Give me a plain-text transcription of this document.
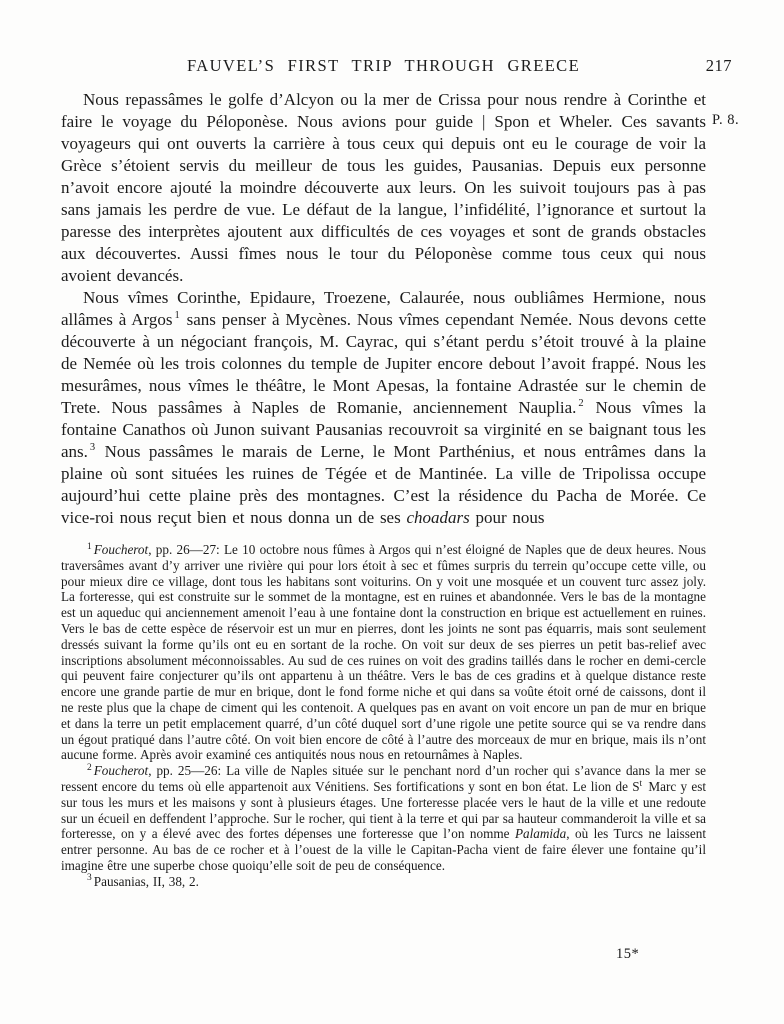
FAUVEL’S FIRST TRIP THROUGH GREECE	217
P. 8.

Nous repassâmes le golfe d’Alcyon ou la mer de Crissa pour nous rendre à Corinthe et faire le voyage du Péloponèse. Nous avions pour guide | Spon et Wheler. Ces savants voyageurs qui ont ouverts la carrière à tous ceux qui depuis ont eu le courage de voir la Grèce s’étoient servis du meilleur de tous les guides, Pausanias. Depuis eux personne n’avoit encore ajouté la moindre découverte aux leurs. On les suivoit toujours pas à pas sans jamais les perdre de vue. Le défaut de la langue, l’infidélité, l’ignorance et surtout la paresse des interprètes ajoutent aux difficultés de ces voyages et sont de grands obstacles aux découvertes. Aussi fîmes nous le tour du Péloponèse comme tous ceux qui nous avoient devancés.

Nous vîmes Corinthe, Epidaure, Troezene, Calaurée, nous oubliâmes Hermione, nous allâmes à Argos $^1$ sans penser à Mycènes. Nous vîmes cependant Nemée. Nous devons cette découverte à un négociant françois, M. Cayrac, qui s’étant perdu s’étoit trouvé à la plaine de Nemée où les trois colonnes du temple de Jupiter encore debout l’avoit frappé. Nous les mesurâmes, nous vîmes le théâtre, le Mont Apesas, la fontaine Adrastée sur le chemin de Trete. Nous passâmes à Naples de Romanie, anciennement Nauplia. $^2$ Nous vîmes la fontaine Canathos où Junon suivant Pausanias recouvroit sa virginité en se baignant tous les ans. $^3$ Nous passâmes le marais de Lerne, le Mont Parthénius, et nous entrâmes dans la plaine où sont situées les ruines de Tégée et de Mantinée. La ville de Tripolissa occupe aujourd’hui cette plaine près des montagnes. C’est la résidence du Pacha de Morée. Ce vice-roi nous reçut bien et nous donna un de ses choadars pour nous

$^1$ Foucherot, pp. 26—27: Le 10 octobre nous fûmes à Argos qui n’est éloigné de Naples que de deux heures. Nous traversâmes avant d’y arriver une rivière qui pour lors étoit à sec et fûmes surpris du terrein qu’occupe cette ville, ou pour mieux dire ce village, dont tous les habitans sont voiturins. On y voit une mosquée et un couvent turc assez joly. La forteresse, qui est construite sur le sommet de la montagne, est en ruines et abandonnée. Vers le bas de la montagne est un aqueduc qui anciennement amenoit l’eau à une fontaine dont la construction en brique est actuellement en ruines. Vers le bas de cette espèce de réservoir est un mur en pierres, dont les joints ne sont pas équarris, mais sont seulement dressés suivant la forme qu’ils ont eu en sortant de la roche. On voit sur deux de ses pierres un petit bas-relief avec inscriptions absolument méconnoissables. Au sud de ces ruines on voit des gradins taillés dans le rocher en demi-cercle qui peuvent faire conjecturer qu’ils ont appartenu à un théâtre. Vers le bas de ces gradins et à quelque distance reste encore une grande partie de mur en brique, dont le fond forme niche et qui dans sa voûte étoit orné de caissons, dont il ne reste plus que la chape de ciment qui les contenoit. A quelques pas en avant on voit encore un pan de mur en brique et dans la terre un petit emplacement quarré, d’un côté duquel sort d’une rigole une petite source qui se va rendre dans un égout pratiqué dans l’autre côté. On voit bien encore de côté à l’autre des morceaux de mur en brique, mais ils n’ont aucune forme. Après avoir examiné ces antiquités nous nous en retournâmes à Naples.

$^2$ Foucherot, pp. 25—26: La ville de Naples située sur le penchant nord d’un rocher qui s’avance dans la mer se ressent encore du tems où elle appartenoit aux Vénitiens. Ses fortifications y sont en bon état. Le lion de S$^t$ Marc y est sur tous les murs et les maisons y sont à plusieurs étages. Une forteresse placée vers le haut de la ville et une redoute sur un écueil en deffendent l’approche. Sur le rocher, qui tient à la terre et qui par sa hauteur commanderoit la ville et sa forteresse, on y a élevé avec des fortes dépenses une forteresse que l’on nomme Palamida, où les Turcs ne laissent entrer personne. Au bas de ce rocher et à l’ouest de la ville le Capitan-Pacha vient de faire élever une fontaine qu’il imagine être une superbe chose quoiqu’elle soit de peu de conséquence.

$^3$ Pausanias, II, 38, 2.

15*
